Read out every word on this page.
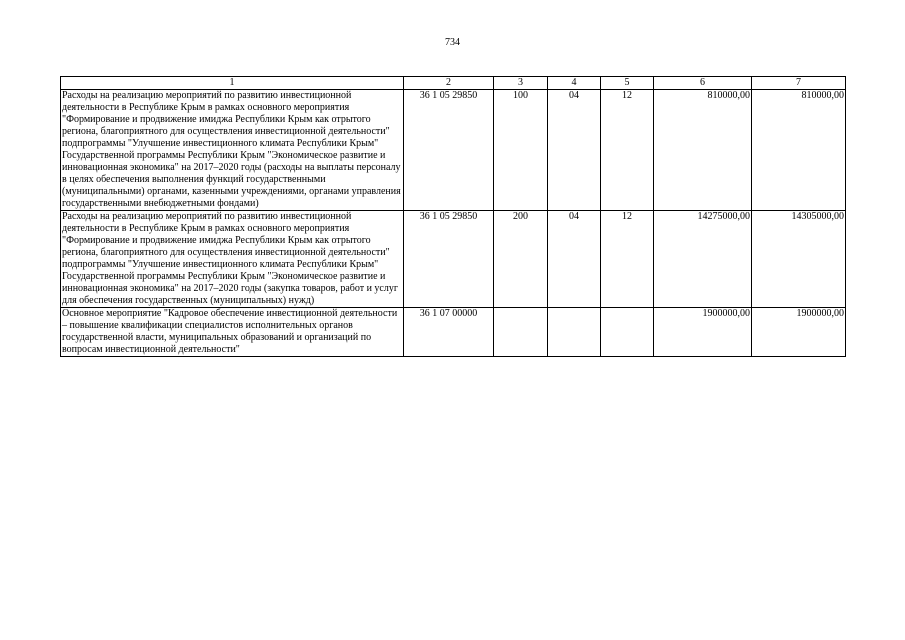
734
1	2	3	4	5	6	7
Расходы на реализацию мероприятий по развитию инвестиционной деятельности в Республике Крым в рамках основного мероприятия "Формирование и продвижение имиджа Республики Крым как отрытого региона, благоприятного для осуществления инвестиционной деятельности" подпрограммы "Улучшение инвестиционного климата Республики Крым" Государственной программы Республики Крым "Экономическое развитие и инновационная экономика" на 2017–2020 годы (расходы на выплаты персоналу в целях обеспечения выполнения функций государственными (муниципальными) органами, казенными учреждениями, органами управления государственными внебюджетными фондами)	36 1 05 29850	100	04	12	810000,00	810000,00
Расходы на реализацию мероприятий по развитию инвестиционной деятельности в Республике Крым в рамках основного мероприятия "Формирование и продвижение имиджа Республики Крым как отрытого региона, благоприятного для осуществления инвестиционной деятельности" подпрограммы "Улучшение инвестиционного климата Республики Крым" Государственной программы Республики Крым "Экономическое развитие и инновационная экономика" на 2017–2020 годы (закупка товаров, работ и услуг для обеспечения государственных (муниципальных) нужд)	36 1 05 29850	200	04	12	14275000,00	14305000,00
Основное мероприятие "Кадровое обеспечение инвестиционной деятельности – повышение квалификации специалистов исполнительных органов государственной власти, муниципальных образований и организаций по вопросам инвестиционной деятельности"	36 1 07 00000				1900000,00	1900000,00
